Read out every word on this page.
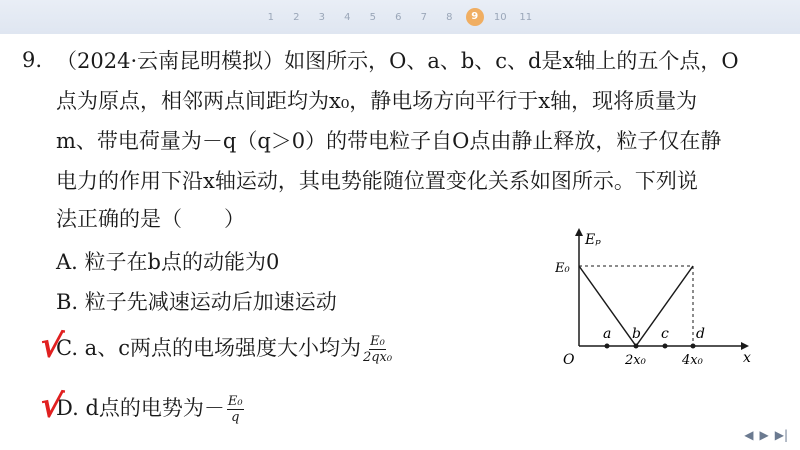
1	2	3	4	5	6	7	8	9	10	11
9. （2024·云南昆明模拟）如图所示，O、a、b、c、d是x轴上的五个点，O
点为原点，相邻两点间距均为x₀，静电场方向平行于x轴，现将质量为
m、带电荷量为－q（q＞0）的带电粒子自O点由静止释放，粒子仅在静
电力的作用下沿x轴运动，其电势能随位置变化关系如图所示。下列说
法正确的是（　　）
A. 粒子在b点的动能为0
B. 粒子先减速运动后加速运动
C. a、c两点的电场强度大小均为 $\frac{\text{E₀}}{\text{2qx₀}}$
√
D. d点的电势为－ $\frac{\text{E₀}}{q}$
√
Eₚ
E₀
O	x
a b c d
2x₀	4x₀
◀ ▶ ▶|
